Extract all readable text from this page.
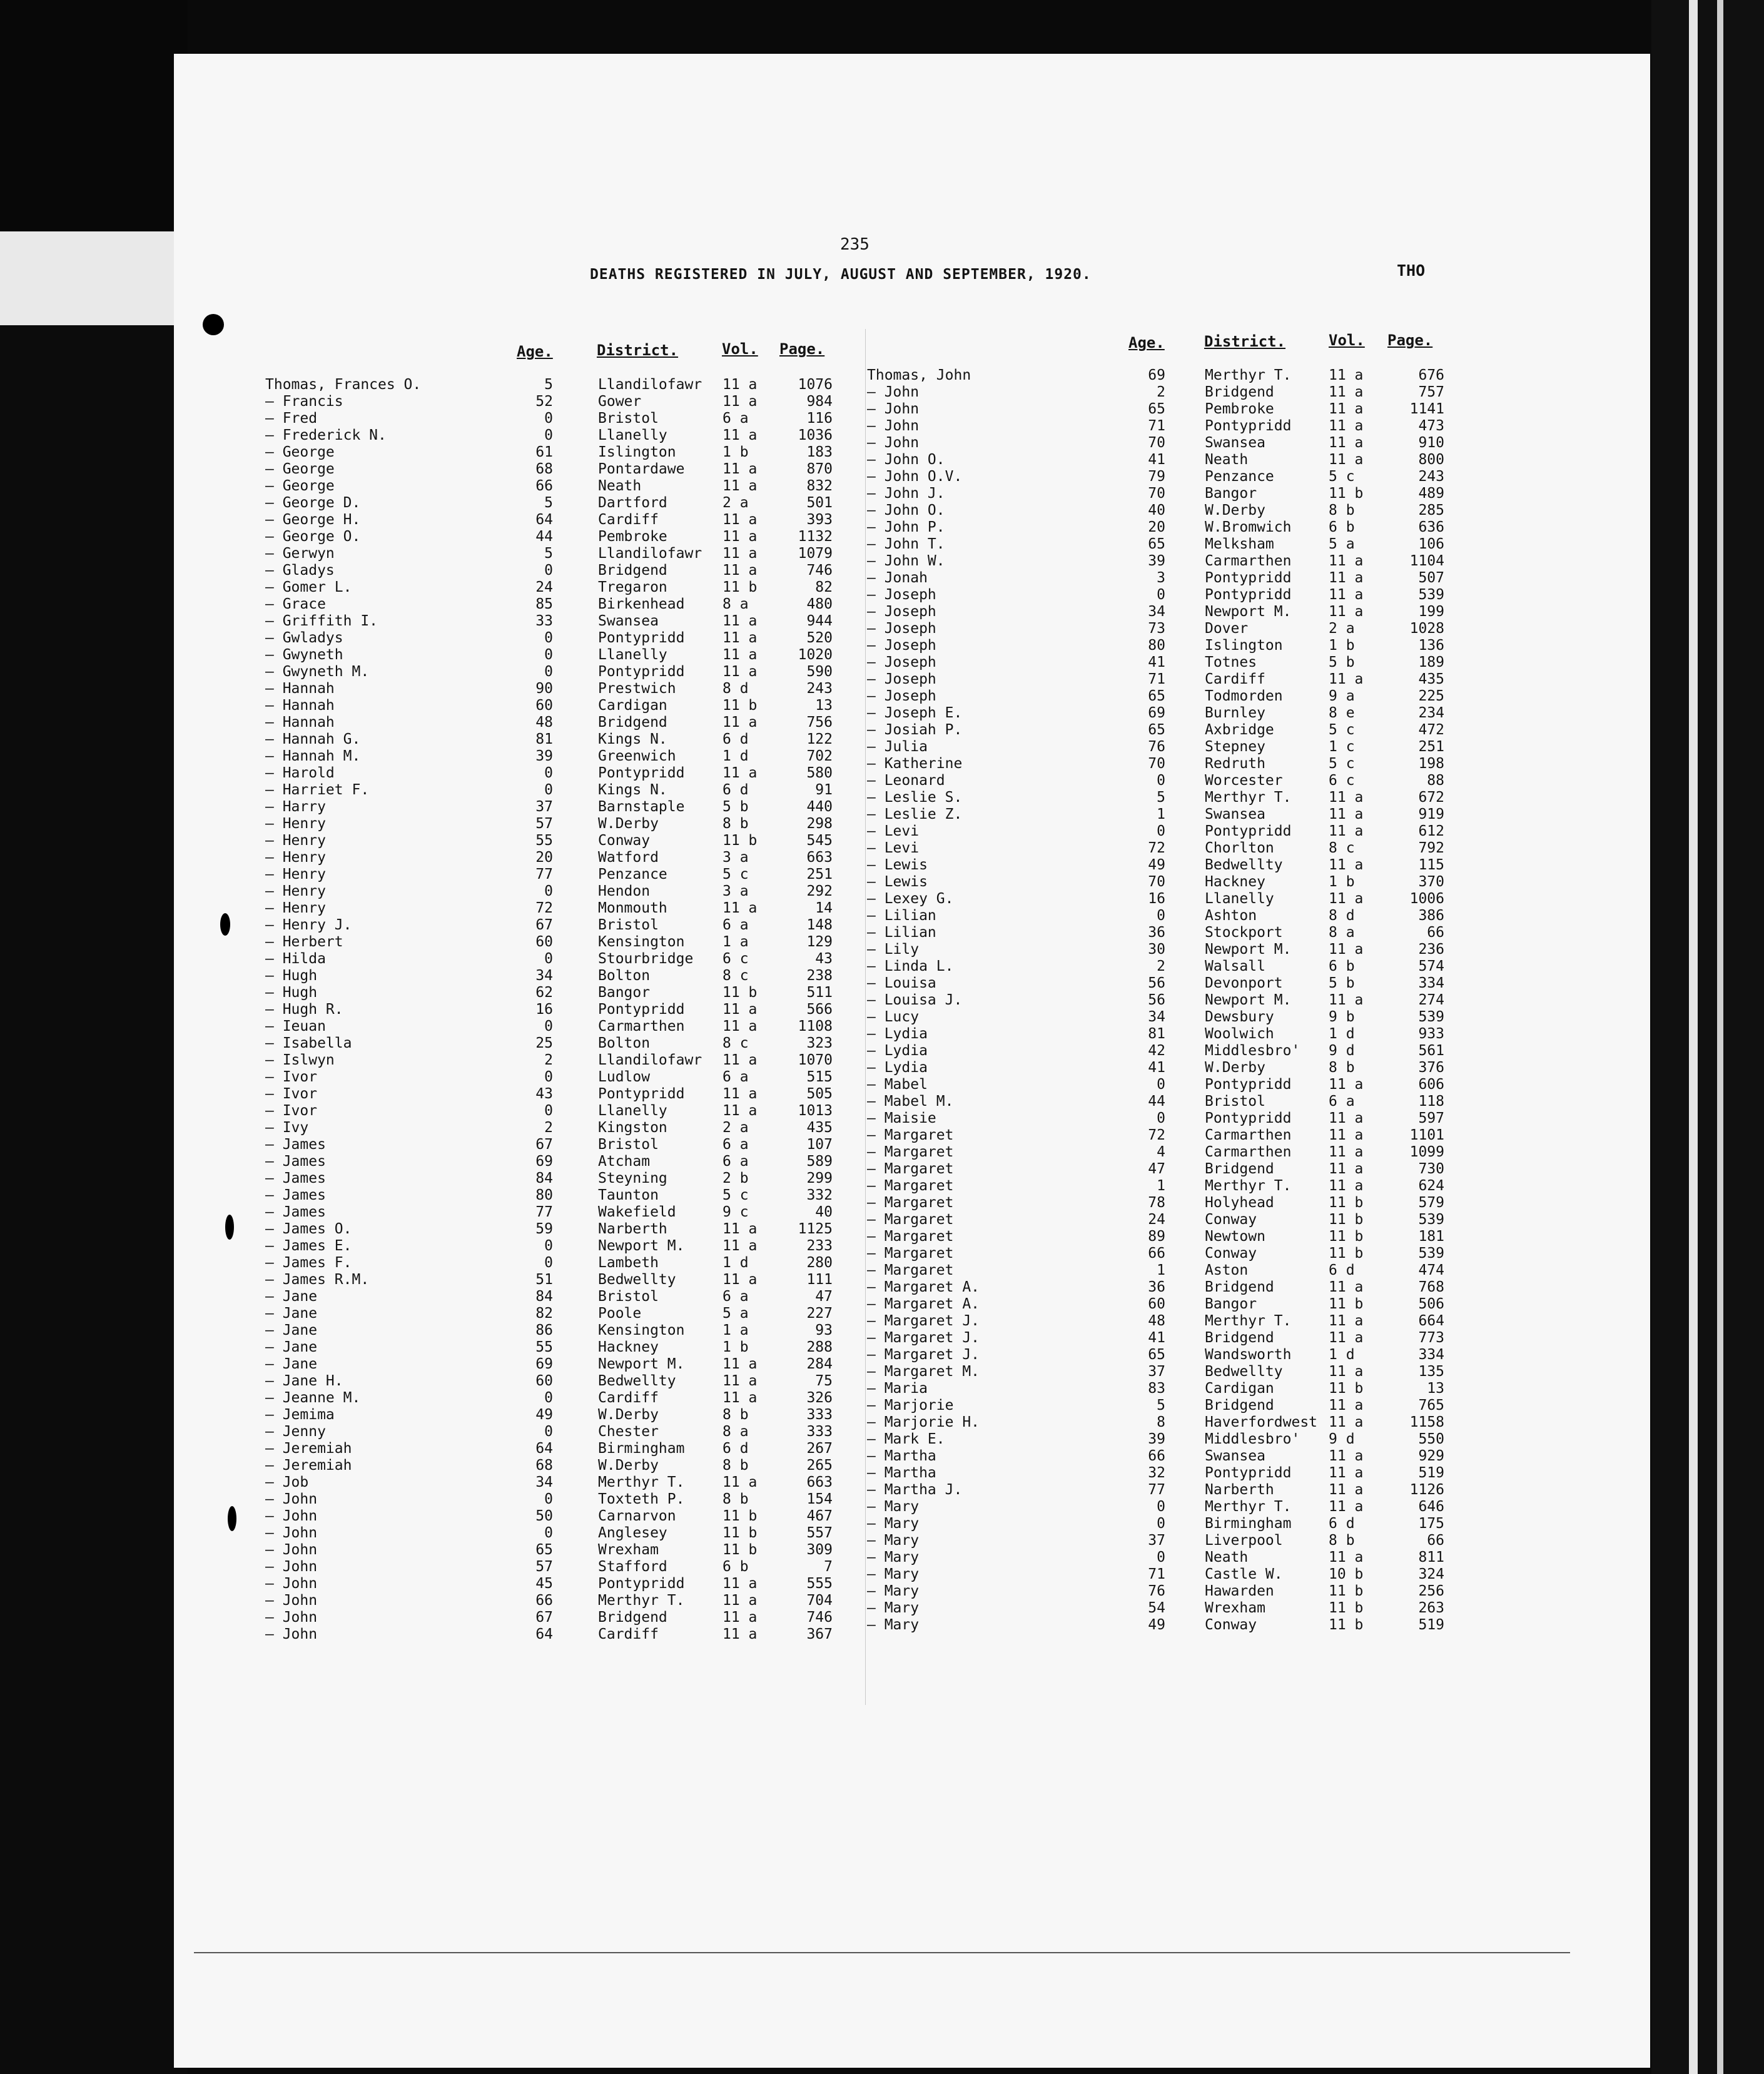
235
DEATHS REGISTERED IN JULY, AUGUST AND SEPTEMBER, 1920.	THO
Age.	District.	Vol. Page.	Age.	District.	Vol. Page.
Thomas, Frances O.	5	Llandilofawr 11 a	1076
— Francis	52	Gower	11 a	984
— Fred	0	Bristol	6 a	116
— Frederick N.	0	Llanelly	11 a	1036
— George	61	Islington	1 b	183
— George	68	Pontardawe	11 a	870
— George	66	Neath	11 a	832
— George D.	5	Dartford	2 a	501
— George H.	64	Cardiff	11 a	393
— George O.	44	Pembroke	11 a	1132
— Gerwyn	5	Llandilofawr 11 a	1079
— Gladys	0	Bridgend	11 a	746
— Gomer L.	24	Tregaron	11 b	82
— Grace	85	Birkenhead	8 a	480
— Griffith I.	33	Swansea	11 a	944
— Gwladys	0	Pontypridd	11 a	520
— Gwyneth	0	Llanelly	11 a	1020
— Gwyneth M.	0	Pontypridd	11 a	590
— Hannah	90	Prestwich	8 d	243
— Hannah	60	Cardigan	11 b	13
— Hannah	48	Bridgend	11 a	756
— Hannah G.	81	Kings N.	6 d	122
— Hannah M.	39	Greenwich	1 d	702
— Harold	0	Pontypridd	11 a	580
— Harriet F.	0	Kings N.	6 d	91
— Harry	37	Barnstaple	5 b	440
— Henry	57	W.Derby	8 b	298
— Henry	55	Conway	11 b	545
— Henry	20	Watford	3 a	663
— Henry	77	Penzance	5 c	251
— Henry	0	Hendon	3 a	292
— Henry	72	Monmouth	11 a	14
— Henry J.	67	Bristol	6 a	148
— Herbert	60	Kensington	1 a	129
— Hilda	0	Stourbridge 6 c	43
— Hugh	34	Bolton	8 c	238
— Hugh	62	Bangor	11 b	511
— Hugh R.	16	Pontypridd	11 a	566
— Ieuan	0	Carmarthen	11 a	1108
— Isabella	25	Bolton	8 c	323
— Islwyn	2	Llandilofawr 11 a	1070
— Ivor	0	Ludlow	6 a	515
— Ivor	43	Pontypridd	11 a	505
— Ivor	0	Llanelly	11 a	1013
— Ivy	2	Kingston	2 a	435
— James	67	Bristol	6 a	107
— James	69	Atcham	6 a	589
— James	84	Steyning	2 b	299
— James	80	Taunton	5 c	332
— James	77	Wakefield	9 c	40
— James O.	59	Narberth	11 a	1125
— James E.	0	Newport M.	11 a	233
— James F.	0	Lambeth	1 d	280
— James R.M.	51	Bedwellty	11 a	111
— Jane	84	Bristol	6 a	47
— Jane	82	Poole	5 a	227
— Jane	86	Kensington	1 a	93
— Jane	55	Hackney	1 b	288
— Jane	69	Newport M.	11 a	284
— Jane H.	60	Bedwellty	11 a	75
— Jeanne M.	0	Cardiff	11 a	326
— Jemima	49	W.Derby	8 b	333
— Jenny	0	Chester	8 a	333
— Jeremiah	64	Birmingham	6 d	267
— Jeremiah	68	W.Derby	8 b	265
— Job	34	Merthyr T.	11 a	663
— John	0	Toxteth P.	8 b	154
— John	50	Carnarvon	11 b	467
— John	0	Anglesey	11 b	557
— John	65	Wrexham	11 b	309
— John	57	Stafford	6 b	7
— John	45	Pontypridd	11 a	555
— John	66	Merthyr T.	11 a	704
— John	67	Bridgend	11 a	746
— John	64	Cardiff	11 a	367
Thomas, John	69	Merthyr T.	11 a	676
— John	2	Bridgend	11 a	757
— John	65	Pembroke	11 a	1141
— John	71	Pontypridd	11 a	473
— John	70	Swansea	11 a	910
— John O.	41	Neath	11 a	800
— John O.V.	79	Penzance	5 c	243
— John J.	70	Bangor	11 b	489
— John O.	40	W.Derby	8 b	285
— John P.	20	W.Bromwich	6 b	636
— John T.	65	Melksham	5 a	106
— John W.	39	Carmarthen	11 a	1104
— Jonah	3	Pontypridd	11 a	507
— Joseph	0	Pontypridd	11 a	539
— Joseph	34	Newport M.	11 a	199
— Joseph	73	Dover	2 a	1028
— Joseph	80	Islington	1 b	136
— Joseph	41	Totnes	5 b	189
— Joseph	71	Cardiff	11 a	435
— Joseph	65	Todmorden	9 a	225
— Joseph E.	69	Burnley	8 e	234
— Josiah P.	65	Axbridge	5 c	472
— Julia	76	Stepney	1 c	251
— Katherine	70	Redruth	5 c	198
— Leonard	0	Worcester	6 c	88
— Leslie S.	5	Merthyr T.	11 a	672
— Leslie Z.	1	Swansea	11 a	919
— Levi	0	Pontypridd	11 a	612
— Levi	72	Chorlton	8 c	792
— Lewis	49	Bedwellty	11 a	115
— Lewis	70	Hackney	1 b	370
— Lexey G.	16	Llanelly	11 a	1006
— Lilian	0	Ashton	8 d	386
— Lilian	36	Stockport	8 a	66
— Lily	30	Newport M.	11 a	236
— Linda L.	2	Walsall	6 b	574
— Louisa	56	Devonport	5 b	334
— Louisa J.	56	Newport M.	11 a	274
— Lucy	34	Dewsbury	9 b	539
— Lydia	81	Woolwich	1 d	933
— Lydia	42	Middlesbro' 9 d	561
— Lydia	41	W.Derby	8 b	376
— Mabel	0	Pontypridd	11 a	606
— Mabel M.	44	Bristol	6 a	118
— Maisie	0	Pontypridd	11 a	597
— Margaret	72	Carmarthen	11 a	1101
— Margaret	4	Carmarthen	11 a	1099
— Margaret	47	Bridgend	11 a	730
— Margaret	1	Merthyr T.	11 a	624
— Margaret	78	Holyhead	11 b	579
— Margaret	24	Conway	11 b	539
— Margaret	89	Newtown	11 b	181
— Margaret	66	Conway	11 b	539
— Margaret	1	Aston	6 d	474
— Margaret A.	36	Bridgend	11 a	768
— Margaret A.	60	Bangor	11 b	506
— Margaret J.	48	Merthyr T.	11 a	664
— Margaret J.	41	Bridgend	11 a	773
— Margaret J.	65	Wandsworth	1 d	334
— Margaret M.	37	Bedwellty	11 a	135
— Maria	83	Cardigan	11 b	13
— Marjorie	5	Bridgend	11 a	765
— Marjorie H.	8	Haverfordwest 11 a	1158
— Mark E.	39	Middlesbro' 9 d	550
— Martha	66	Swansea	11 a	929
— Martha	32	Pontypridd	11 a	519
— Martha J.	77	Narberth	11 a	1126
— Mary	0	Merthyr T.	11 a	646
— Mary	0	Birmingham	6 d	175
— Mary	37	Liverpool	8 b	66
— Mary	0	Neath	11 a	811
— Mary	71	Castle W.	10 b	324
— Mary	76	Hawarden	11 b	256
— Mary	54	Wrexham	11 b	263
— Mary	49	Conway	11 b	519
